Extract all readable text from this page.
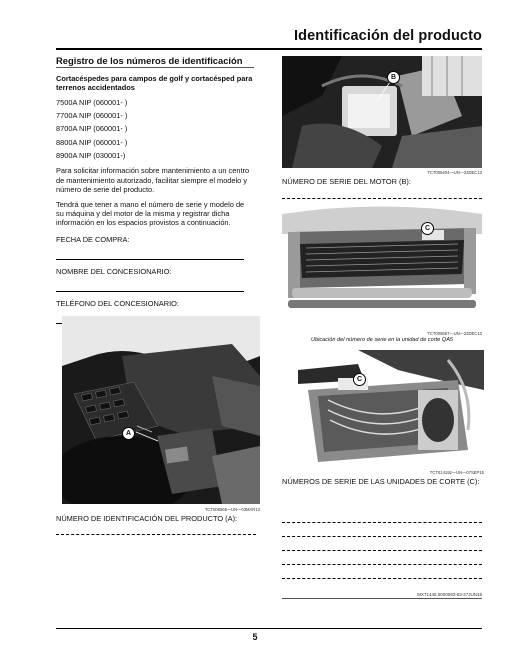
Identificación del producto
Registro de los números de identificación
Cortacéspedes para campos de golf y cortacésped para terrenos accidentados
7500A NIP (060001- )
7700A NIP (060001- )
8700A NIP (060001- )
8800A NIP (060001- )
8900A NIP (030001-)
Para solicitar información sobre mantenimiento a un centro de mantenimiento autorizado, facilitar siempre el modelo y número de serie del producto.
Tendrá que tener a mano el número de serie y modelo de su máquina y del motor de la misma y registrar dicha información en los espacios provistos a continuación.
FECHA DE COMPRA:
NOMBRE DEL CONCESIONARIO:
TELÉFONO DEL CONCESIONARIO:
A
TCT008566—UN—03MAR13
NÚMERO DE IDENTIFICACIÓN DEL PRODUCTO (A):
B
TCT005404—UN—23DEC13
NÚMERO DE SERIE DEL MOTOR (B):
C
TCT005567—UN—23DEC13
Ubicación del número de serie en la unidad de corte QA5
C
TCT014192—UN—07SEP15
NÚMEROS DE SERIE DE LAS UNIDADES DE CORTE (C):
MX71445,0000093-63-27JUN18
5
